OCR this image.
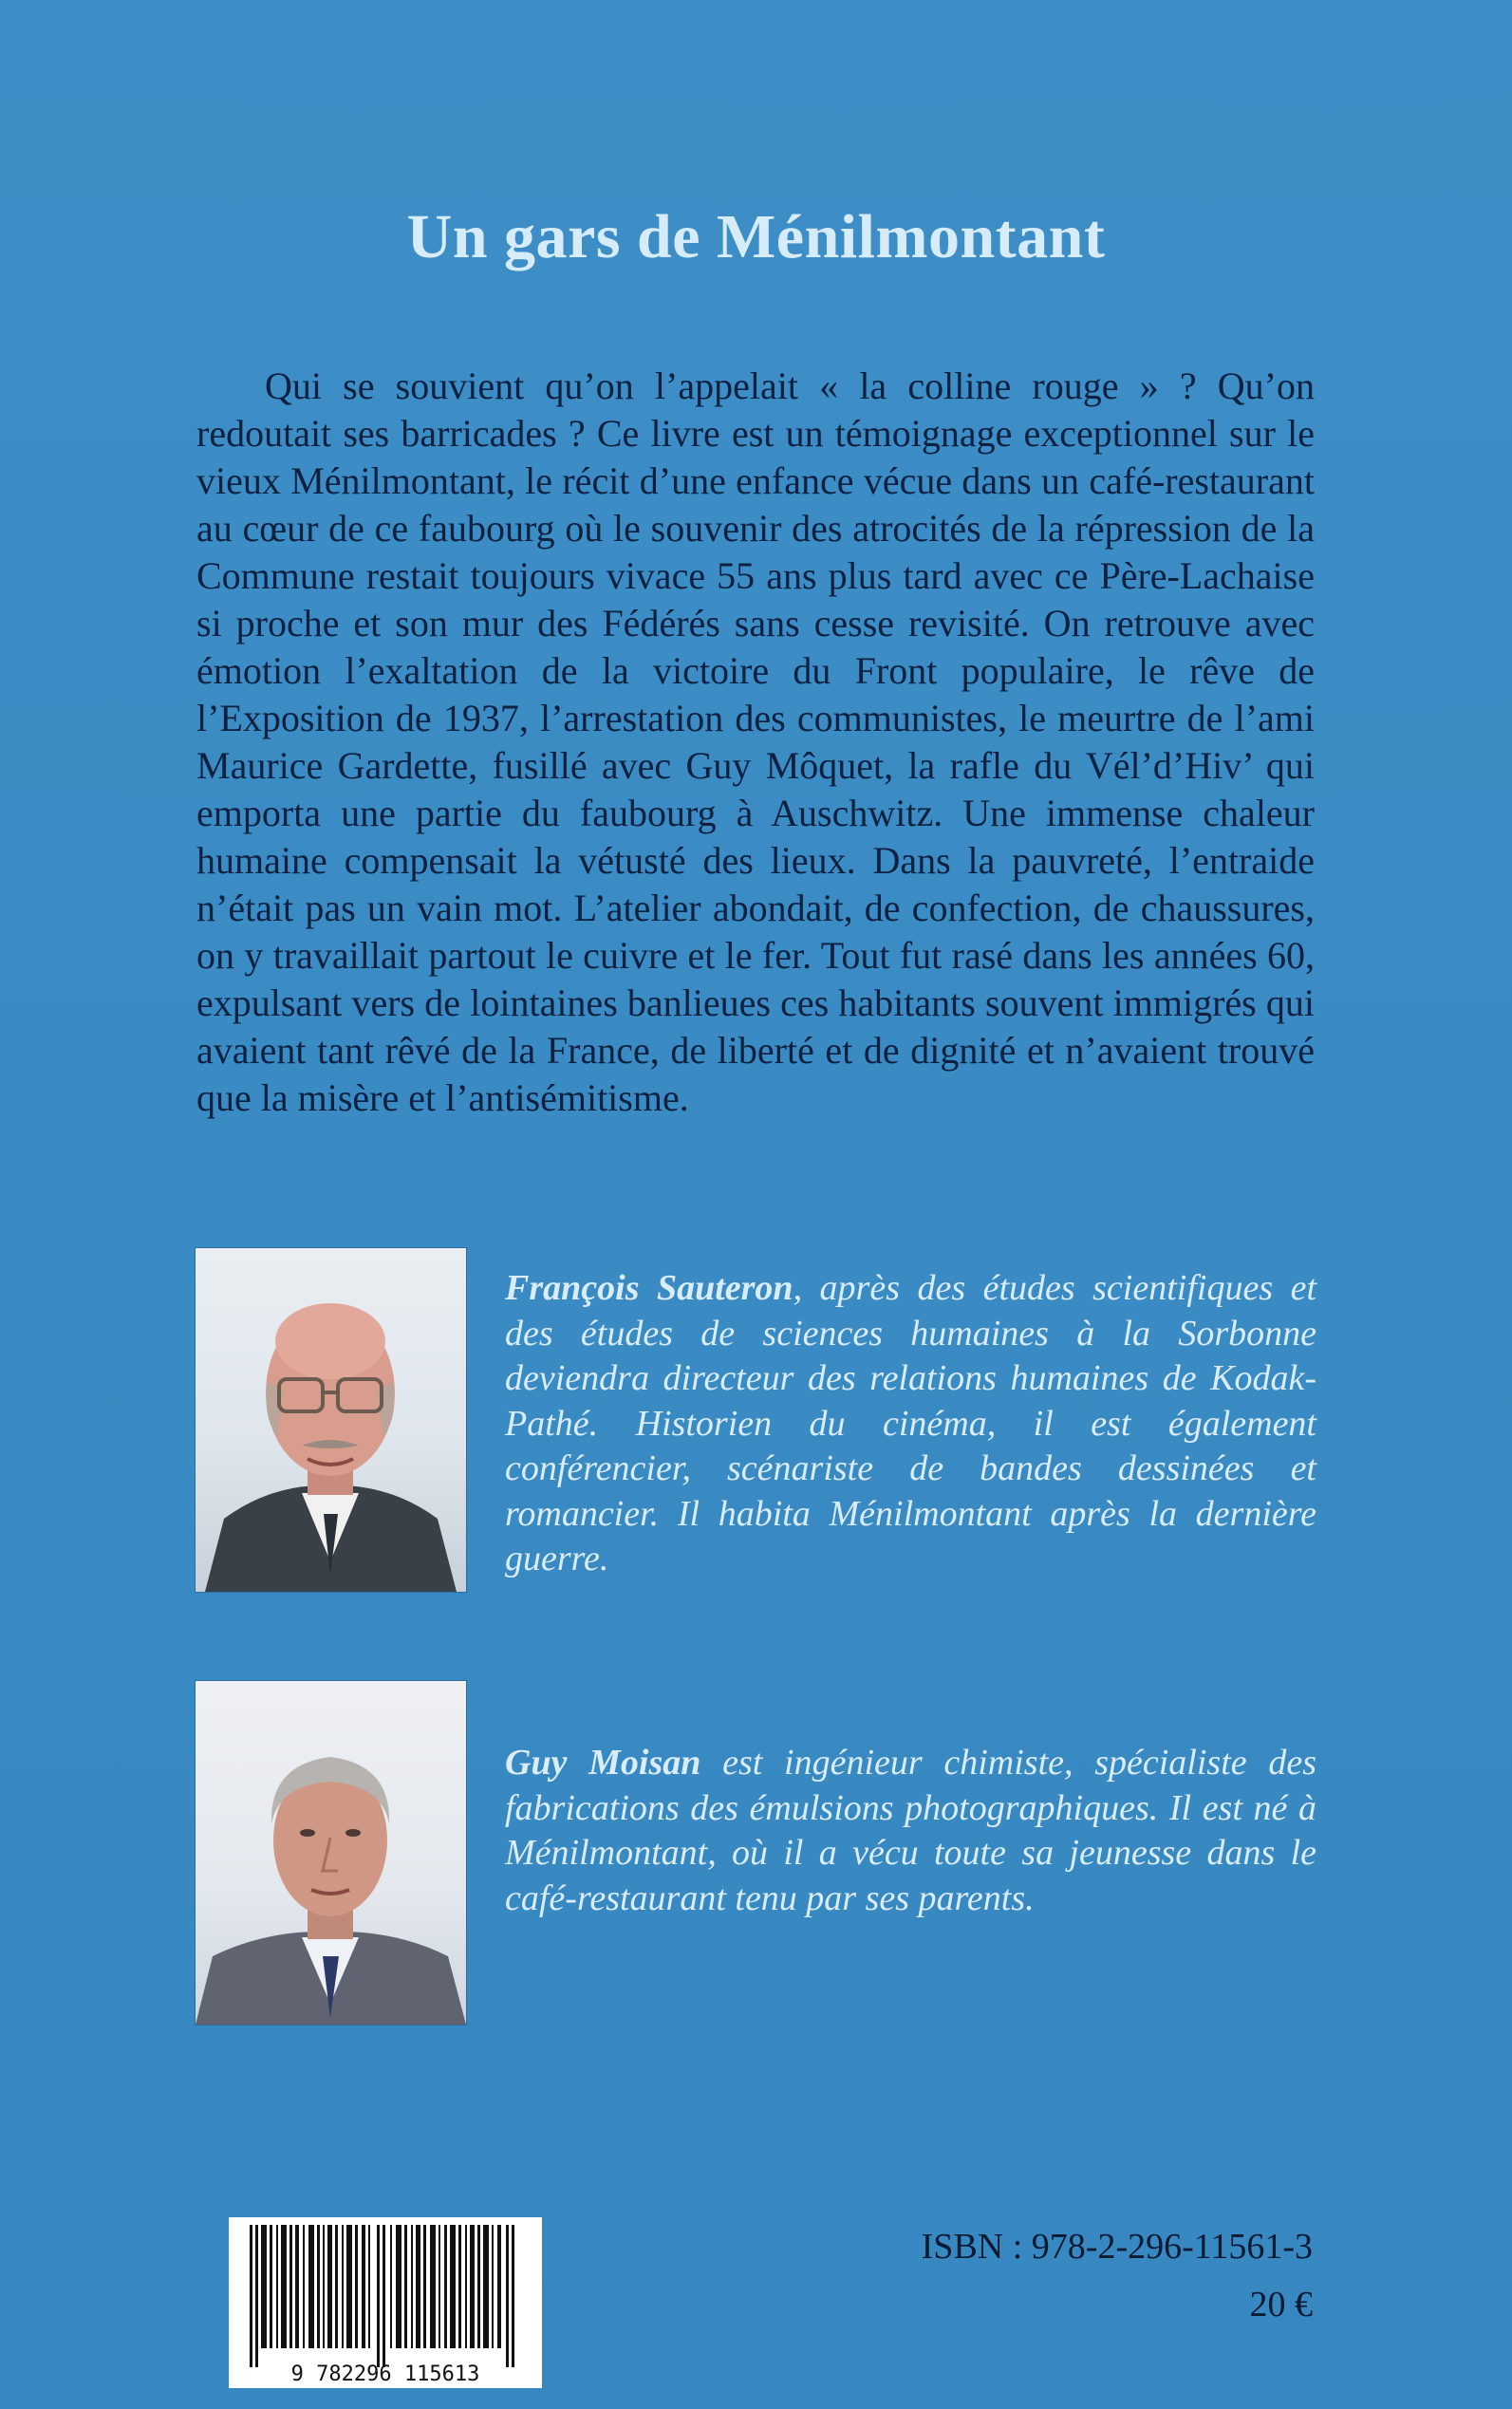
Un gars de Ménilmontant

Qui se souvient qu’on l’appelait « la colline rouge » ? Qu’on redoutait ses barricades ? Ce livre est un témoignage exceptionnel sur le vieux Ménilmontant, le récit d’une enfance vécue dans un café-restaurant au cœur de ce faubourg où le souvenir des atrocités de la répression de la Commune restait toujours vivace 55 ans plus tard avec ce Père-Lachaise si proche et son mur des Fédérés sans cesse revisité. On retrouve avec émotion l’exaltation de la victoire du Front populaire, le rêve de l’Exposition de 1937, l’arrestation des communistes, le meurtre de l’ami Maurice Gardette, fusillé avec Guy Môquet, la rafle du Vél’d’Hiv’ qui emporta une partie du faubourg à Auschwitz. Une immense chaleur humaine compensait la vétusté des lieux. Dans la pauvreté, l’entraide n’était pas un vain mot. L’atelier abondait, de confection, de chaussures, on y travaillait partout le cuivre et le fer. Tout fut rasé dans les années 60, expulsant vers de lointaines banlieues ces habitants souvent immigrés qui avaient tant rêvé de la France, de liberté et de dignité et n’avaient trouvé que la misère et l’antisémitisme.

François Sauteron, après des études scientifiques et des études de sciences humaines à la Sorbonne deviendra directeur des relations humaines de Kodak-Pathé. Historien du cinéma, il est également conférencier, scénariste de bandes dessinées et romancier. Il habita Ménilmontant après la dernière guerre.

Guy Moisan est ingénieur chimiste, spécialiste des fabrications des émulsions photographiques. Il est né à Ménilmontant, où il a vécu toute sa jeunesse dans le café-restaurant tenu par ses parents.

9 782296 115613
ISBN : 978-2-296-11561-3
20 €
